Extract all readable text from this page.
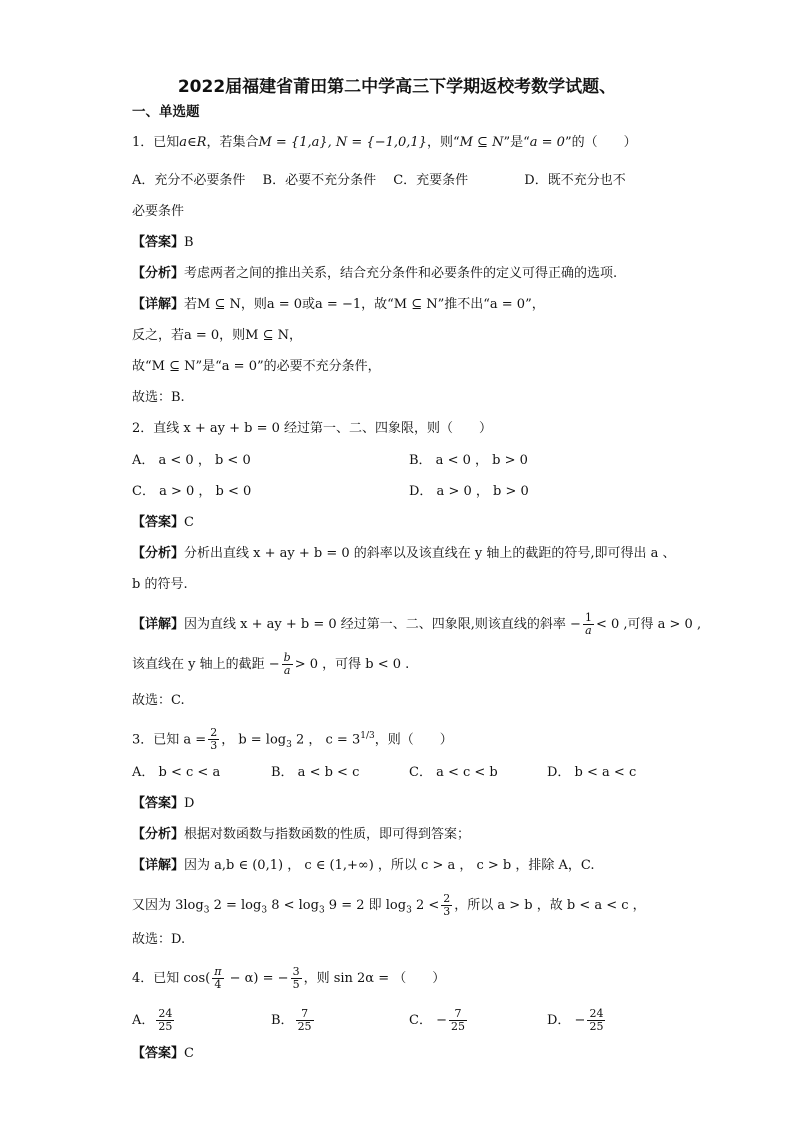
2022届福建省莆田第二中学高三下学期返校考数学试题、
一、单选题
1．已知a∈R，若集合M = {1,a}, N = {−1,0,1}，则“M ⊆ N”是“a = 0”的（　　）
A．充分不必要条件　 B．必要不充分条件　 C．充要条件　　　　 D．既不充分也不
必要条件
【答案】B
【分析】考虑两者之间的推出关系，结合充分条件和必要条件的定义可得正确的选项.
【详解】若M ⊆ N，则a = 0或a = −1，故“M ⊆ N”推不出“a = 0”，
反之，若a = 0，则M ⊆ N，
故“M ⊆ N”是“a = 0”的必要不充分条件，
故选：B.
2．直线 x + ay + b = 0 经过第一、二、四象限，则（　　）
A． a < 0 ， b < 0	B． a < 0 ， b > 0
C． a > 0 ， b < 0	D． a > 0 ， b > 0
【答案】C
【分析】分析出直线 x + ay + b = 0 的斜率以及该直线在 y 轴上的截距的符号,即可得出 a 、
b 的符号.
【详解】因为直线 x + ay + b = 0 经过第一、二、四象限,则该直线的斜率 − $\frac{1}{a} < 0$ ,可得 a > 0 ,
该直线在 y 轴上的截距 − $\frac{b}{a} > 0$ ，可得 b < 0 .
故选：C.
3．已知 $a = \frac{2}{3}$ ， $b = \log_3 2$ ， $c = 3^{1/3}$，则（　　）
A． b < c < a	B． a < b < c	C． a < c < b	D． b < a < c
【答案】D
【分析】根据对数函数与指数函数的性质，即可得到答案；
【详解】因为 a,b ∈ (0,1) ， c ∈ (1,+∞) ，所以 c > a ， c > b ，排除 A，C.
又因为 $3\log_3$ $2 = \log_3 8 < \log_3 9 = 2$ 即 $\log_3 2 < \frac{2}{3}$ ，所以 a > b ，故 b < a < c ，
故选：D.
4．已知 $\cos( \frac{\pi}{4} - \alpha)$ = − $\frac{3}{5}$ ，则 sin 2α = （　　）
A． $\frac{24}{25}$	B． $\frac{7}{25}$	C． − $\frac{7}{25}$	D． − $\frac{24}{25}$
【答案】C
